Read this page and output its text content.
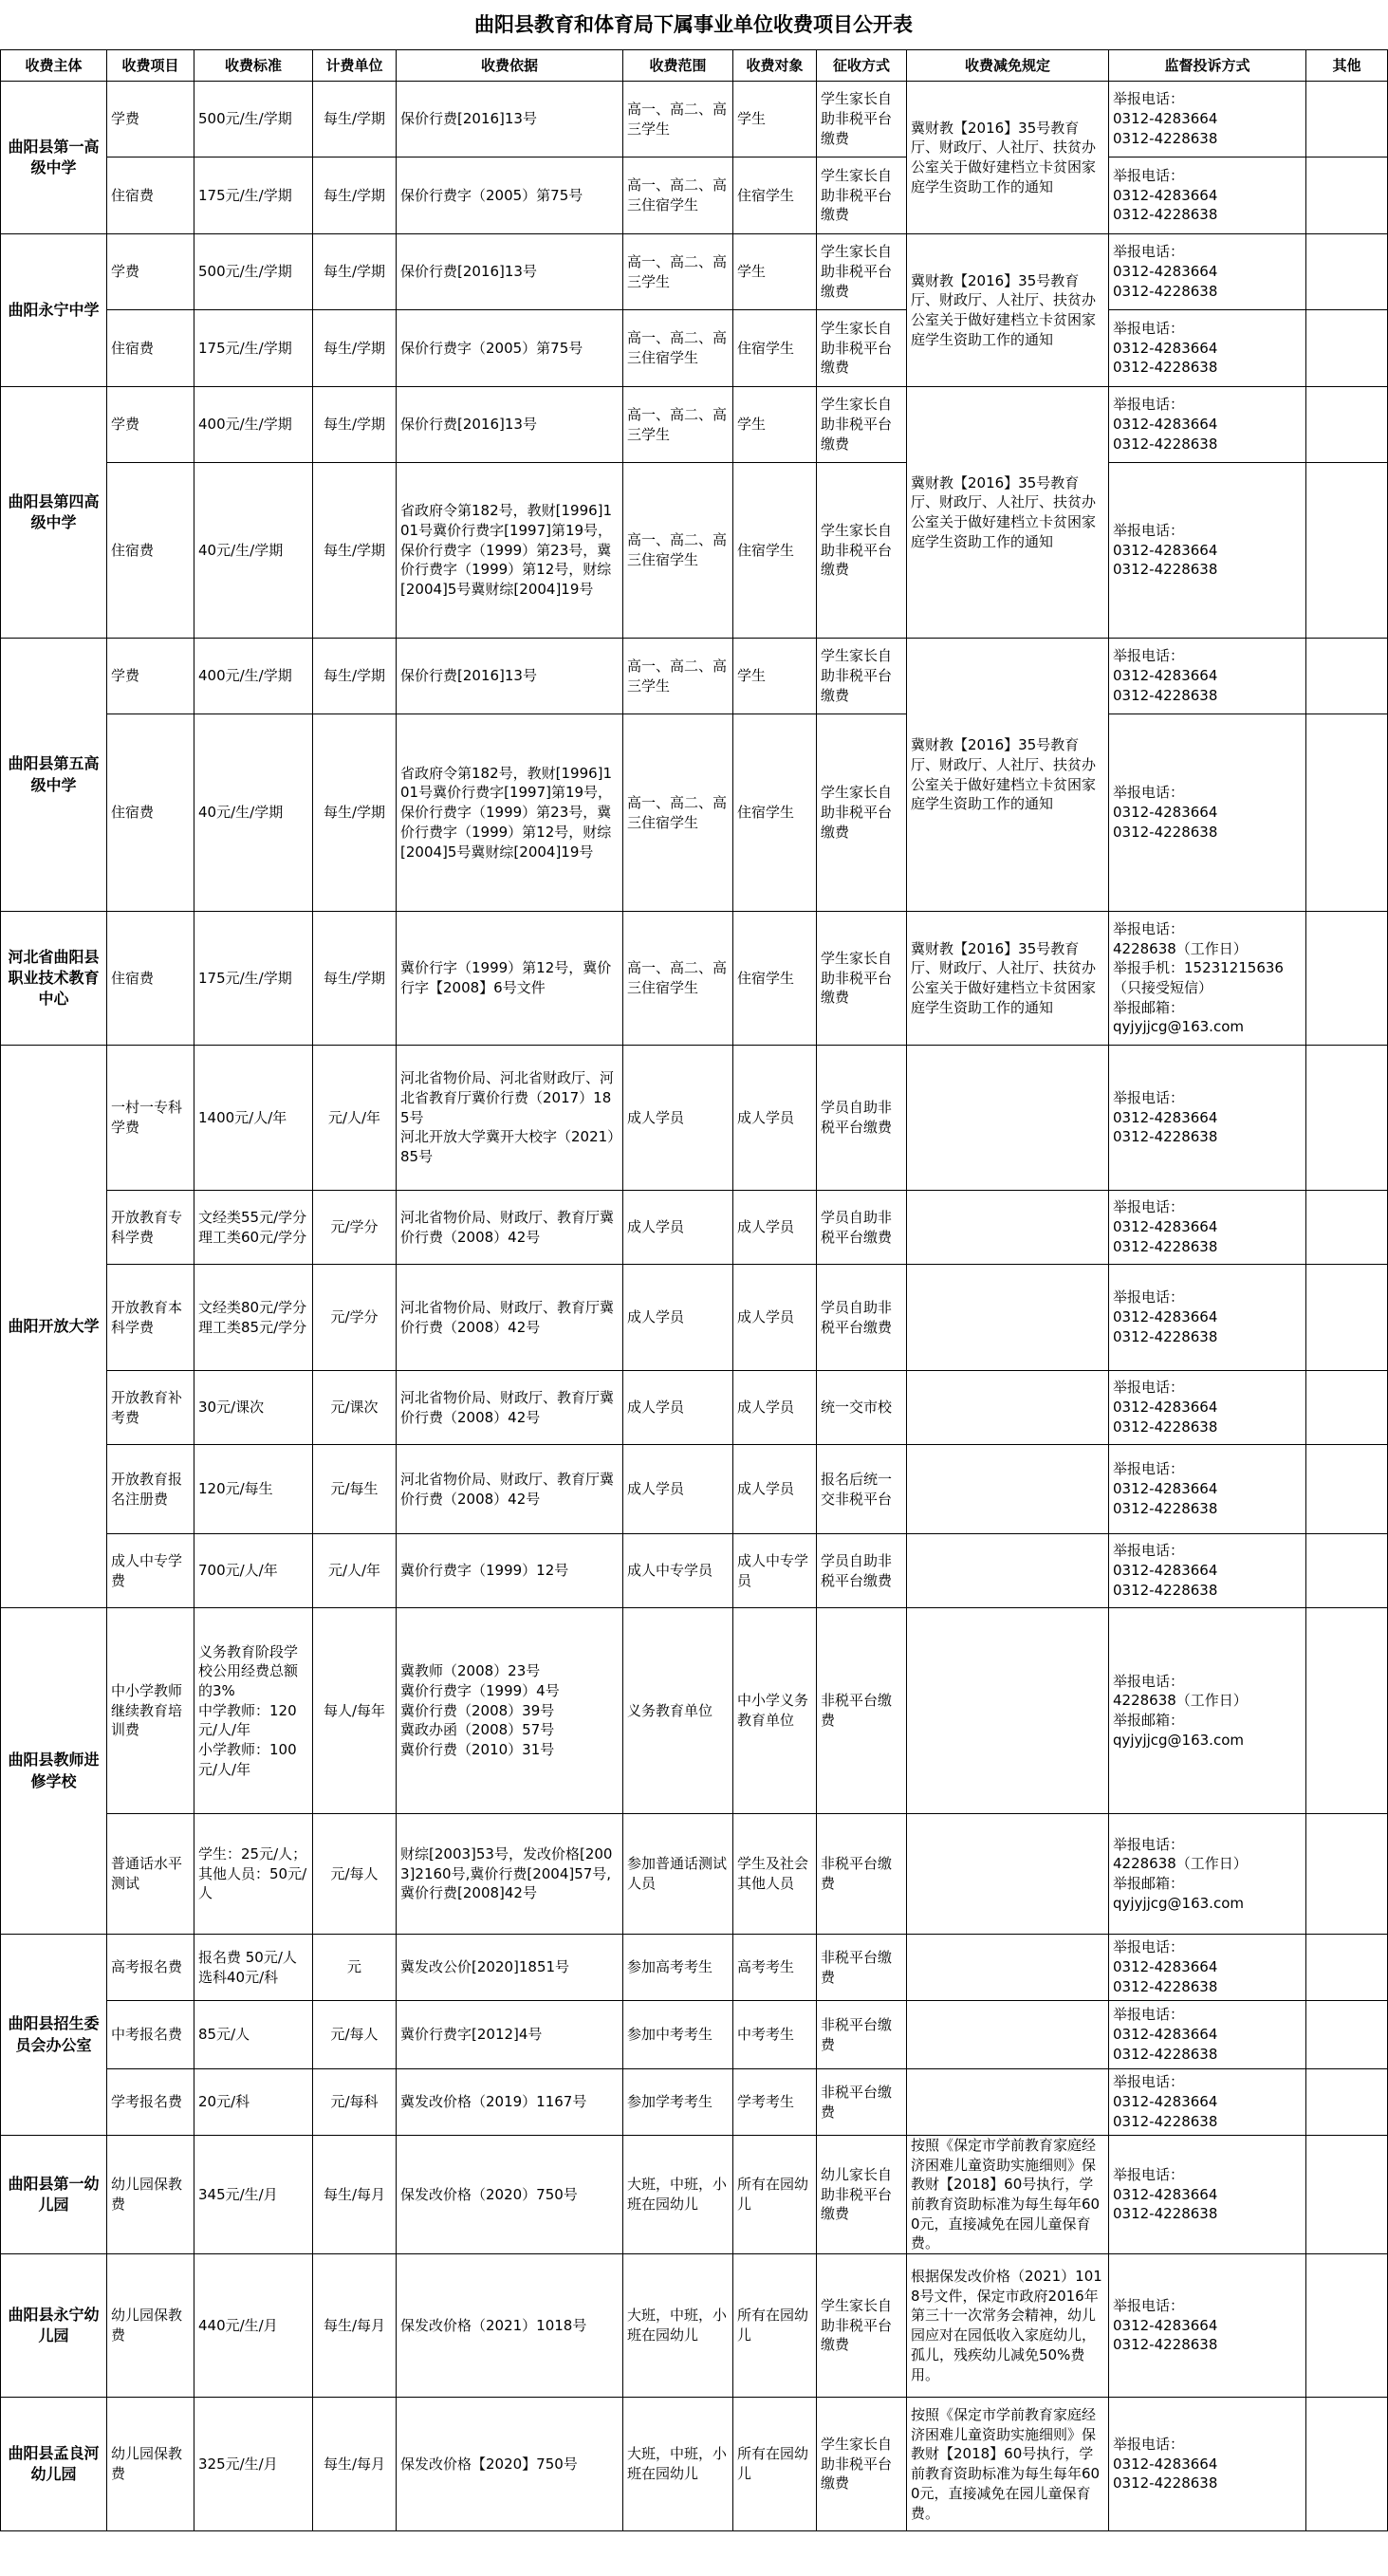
曲阳县教育和体育局下属事业单位收费项目公开表
收费主体	收费项目	收费标准	计费单位	收费依据	收费范围	收费对象	征收方式	收费减免规定	监督投诉方式	其他
曲阳县第一高级中学	学费	500元/生/学期	每生/学期	保价行费[2016]13号	高一、高二、高三学生	学生	学生家长自助非税平台缴费	冀财教【2016】35号教育厅、财政厅、人社厅、扶贫办公室关于做好建档立卡贫困家庭学生资助工作的通知	举报电话：
0312-4283664
0312-4228638	
	住宿费	175元/生/学期	每生/学期	保价行费字（2005）第75号	高一、高二、高三住宿学生	住宿学生	学生家长自助非税平台缴费		举报电话：
0312-4283664
0312-4228638	
曲阳永宁中学	学费	500元/生/学期	每生/学期	保价行费[2016]13号	高一、高二、高三学生	学生	学生家长自助非税平台缴费	冀财教【2016】35号教育厅、财政厅、人社厅、扶贫办公室关于做好建档立卡贫困家庭学生资助工作的通知	举报电话：
0312-4283664
0312-4228638	
	住宿费	175元/生/学期	每生/学期	保价行费字（2005）第75号	高一、高二、高三住宿学生	住宿学生	学生家长自助非税平台缴费		举报电话：
0312-4283664
0312-4228638	
曲阳县第四高级中学	学费	400元/生/学期	每生/学期	保价行费[2016]13号	高一、高二、高三学生	学生	学生家长自助非税平台缴费	冀财教【2016】35号教育厅、财政厅、人社厅、扶贫办公室关于做好建档立卡贫困家庭学生资助工作的通知	举报电话：
0312-4283664
0312-4228638	
	住宿费	40元/生/学期	每生/学期	省政府令第182号，教财[1996]101号冀价行费字[1997]第19号，保价行费字（1999）第23号，冀价行费字（1999）第12号，财综[2004]5号冀财综[2004]19号	高一、高二、高三住宿学生	住宿学生	学生家长自助非税平台缴费		举报电话：
0312-4283664
0312-4228638	
曲阳县第五高级中学	学费	400元/生/学期	每生/学期	保价行费[2016]13号	高一、高二、高三学生	学生	学生家长自助非税平台缴费	冀财教【2016】35号教育厅、财政厅、人社厅、扶贫办公室关于做好建档立卡贫困家庭学生资助工作的通知	举报电话：
0312-4283664
0312-4228638	
	住宿费	40元/生/学期	每生/学期	省政府令第182号，教财[1996]101号冀价行费字[1997]第19号，保价行费字（1999）第23号，冀价行费字（1999）第12号，财综[2004]5号冀财综[2004]19号	高一、高二、高三住宿学生	住宿学生	学生家长自助非税平台缴费		举报电话：
0312-4283664
0312-4228638	
河北省曲阳县职业技术教育中心	住宿费	175元/生/学期	每生/学期	冀价行字（1999）第12号，冀价行字【2008】6号文件	高一、高二、高三住宿学生	住宿学生	学生家长自助非税平台缴费	冀财教【2016】35号教育厅、财政厅、人社厅、扶贫办公室关于做好建档立卡贫困家庭学生资助工作的通知	举报电话：
4228638（工作日）
举报手机：15231215636（只接受短信）
举报邮箱：
qyjyjjcg@163.com	
曲阳开放大学	一村一专科学费	1400元/人/年	元/人/年	河北省物价局、河北省财政厅、河北省教育厅冀价行费（2017）185号
河北开放大学冀开大校字（2021）85号	成人学员	成人学员	学员自助非税平台缴费		举报电话：
0312-4283664
0312-4228638	
	开放教育专科学费	文经类55元/学分　理工类60元/学分	元/学分	河北省物价局、财政厅、教育厅冀价行费（2008）42号	成人学员	成人学员	学员自助非税平台缴费		举报电话：
0312-4283664
0312-4228638	
	开放教育本科学费	文经类80元/学分　理工类85元/学分	元/学分	河北省物价局、财政厅、教育厅冀价行费（2008）42号	成人学员	成人学员	学员自助非税平台缴费		举报电话：
0312-4283664
0312-4228638	
	开放教育补考费	30元/课次	元/课次	河北省物价局、财政厅、教育厅冀价行费（2008）42号	成人学员	成人学员	统一交市校		举报电话：
0312-4283664
0312-4228638	
	开放教育报名注册费	120元/每生	元/每生	河北省物价局、财政厅、教育厅冀价行费（2008）42号	成人学员	成人学员	报名后统一交非税平台		举报电话：
0312-4283664
0312-4228638	
	成人中专学费	700元/人/年	元/人/年	冀价行费字（1999）12号	成人中专学员	成人中专学员	学员自助非税平台缴费		举报电话：
0312-4283664
0312-4228638	
曲阳县教师进修学校	中小学教师继续教育培训费	义务教育阶段学校公用经费总额的3%
中学教师：120元/人/年
小学教师：100元/人/年	每人/每年	冀教师（2008）23号
冀价行费字（1999）4号
冀价行费（2008）39号
冀政办函（2008）57号
冀价行费（2010）31号	义务教育单位	中小学义务教育单位	非税平台缴费		举报电话：
4228638（工作日）
举报邮箱：
qyjyjjcg@163.com	
	普通话水平测试	学生：25元/人；其他人员：50元/人	元/每人	财综[2003]53号，发改价格[2003]2160号,冀价行费[2004]57号,冀价行费[2008]42号	参加普通话测试人员	学生及社会其他人员	非税平台缴费		举报电话：
4228638（工作日）
举报邮箱：
qyjyjjcg@163.com	
曲阳县招生委员会办公室	高考报名费	报名费 50元/人 选科40元/科	元	冀发改公价[2020]1851号	参加高考考生	高考考生	非税平台缴费		举报电话：
0312-4283664
0312-4228638	
	中考报名费	85元/人	元/每人	冀价行费字[2012]4号	参加中考考生	中考考生	非税平台缴费		举报电话：
0312-4283664
0312-4228638	
	学考报名费	20元/科	元/每科	冀发改价格（2019）1167号	参加学考考生	学考考生	非税平台缴费		举报电话：
0312-4283664
0312-4228638	
曲阳县第一幼儿园	幼儿园保教费	345元/生/月	每生/每月	保发改价格（2020）750号	大班，中班，小班在园幼儿	所有在园幼儿	幼儿家长自助非税平台缴费	按照《保定市学前教育家庭经济困难儿童资助实施细则》保教财【2018】60号执行，学前教育资助标准为每生每年600元，直接减免在园儿童保育费。	举报电话：
0312-4283664
0312-4228638	
曲阳县永宁幼儿园	幼儿园保教费	440元/生/月	每生/每月	保发改价格（2021）1018号	大班，中班，小班在园幼儿	所有在园幼儿	学生家长自助非税平台缴费	根据保发改价格（2021）1018号文件，保定市政府2016年第三十一次常务会精神，幼儿园应对在园低收入家庭幼儿，孤儿，残疾幼儿减免50%费用。	举报电话：
0312-4283664
0312-4228638	
曲阳县孟良河幼儿园	幼儿园保教费	325元/生/月	每生/每月	保发改价格【2020】750号	大班，中班，小班在园幼儿	所有在园幼儿	学生家长自助非税平台缴费	按照《保定市学前教育家庭经济困难儿童资助实施细则》保教财【2018】60号执行，学前教育资助标准为每生每年600元，直接减免在园儿童保育费。	举报电话：
0312-4283664
0312-4228638	
